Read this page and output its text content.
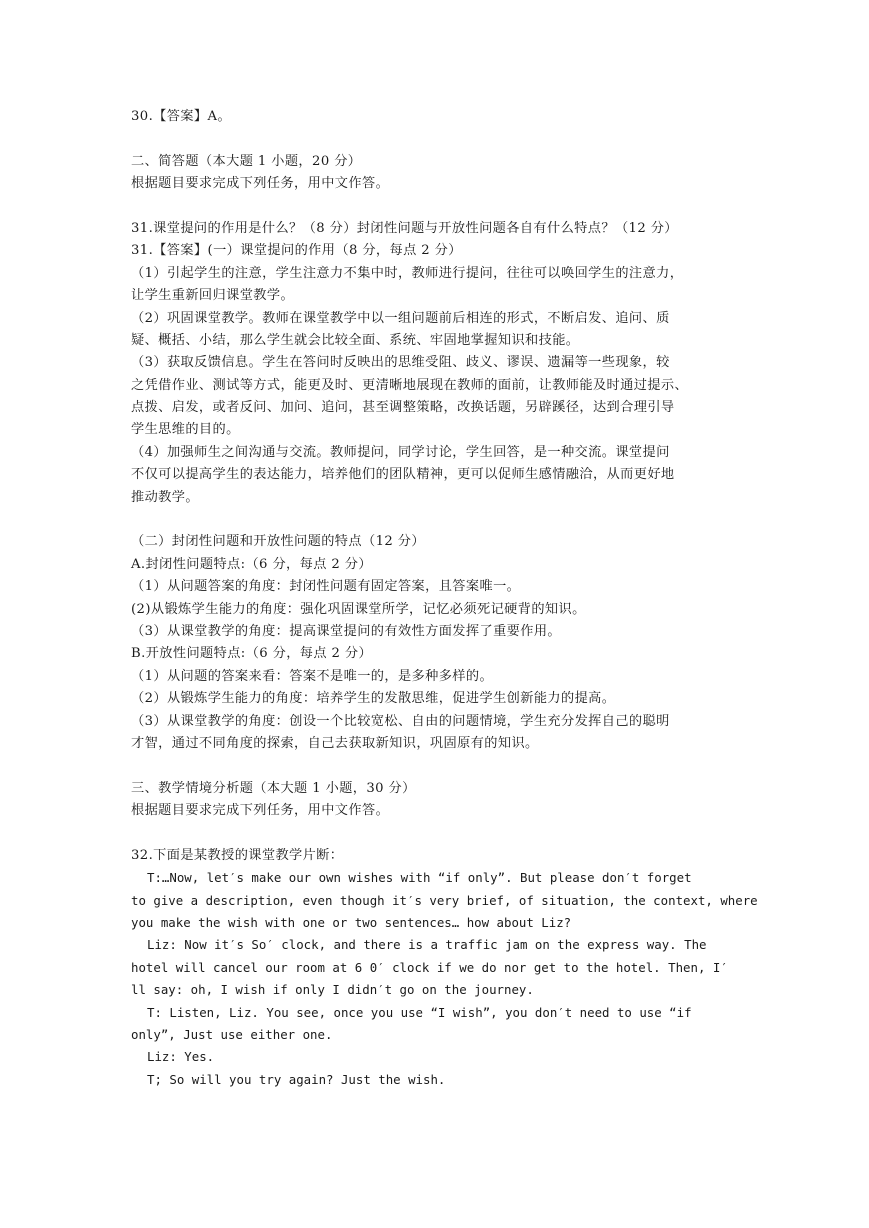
30.【答案】A。
二、简答题（本大题 1 小题，20 分）
根据题目要求完成下列任务，用中文作答。
31.课堂提问的作用是什么？（8 分）封闭性问题与开放性问题各自有什么特点？（12 分）
31.【答案】(一）课堂提问的作用（8 分，每点 2 分）
（1）引起学生的注意，学生注意力不集中时，教师进行提问，往往可以唤回学生的注意力，
让学生重新回归课堂教学。
（2）巩固课堂教学。教师在课堂教学中以一组问题前后相连的形式，不断启发、追问、质
疑、概括、小结，那么学生就会比较全面、系统、牢固地掌握知识和技能。
（3）获取反馈信息。学生在答问时反映出的思维受阻、歧义、谬误、遗漏等一些现象，较
之凭借作业、测试等方式，能更及时、更清晰地展现在教师的面前，让教师能及时通过提示、
点拨、启发，或者反问、加问、追问，甚至调整策略，改换话题，另辟蹊径，达到合理引导
学生思维的目的。
（4）加强师生之间沟通与交流。教师提问，同学讨论，学生回答，是一种交流。课堂提问
不仅可以提高学生的表达能力，培养他们的团队精神，更可以促师生感情融洽，从而更好地
推动教学。
（二）封闭性问题和开放性问题的特点（12 分）
A.封闭性问题特点:（6 分，每点 2 分）
（1）从问题答案的角度：封闭性问题有固定答案，且答案唯一。
(2)从锻炼学生能力的角度：强化巩固课堂所学，记忆必须死记硬背的知识。
（3）从课堂教学的角度：提高课堂提问的有效性方面发挥了重要作用。
B.开放性问题特点:（6 分，每点 2 分）
（1）从问题的答案来看：答案不是唯一的，是多种多样的。
（2）从锻炼学生能力的角度：培养学生的发散思维，促进学生创新能力的提高。
（3）从课堂教学的角度：创设一个比较宽松、自由的问题情境，学生充分发挥自己的聪明
才智，通过不同角度的探索，自己去获取新知识，巩固原有的知识。
三、教学情境分析题（本大题 1 小题，30 分）
根据题目要求完成下列任务，用中文作答。
32.下面是某教授的课堂教学片断：
T:…Now, let′s make our own wishes with “if only”. But please don′t forget
to give a description, even though it′s very brief, of situation, the context, where
you make the wish with one or two sentences… how about Liz?
Liz: Now it′s So′ clock, and there is a traffic jam on the express way. The
hotel will cancel our room at 6 0′ clock if we do nor get to the hotel. Then, I′
ll say: oh, I wish if only I didn′t go on the journey.
T: Listen, Liz. You see, once you use “I wish”, you don′t need to use “if
only”, Just use either one.
Liz: Yes.
T; So will you try again? Just the wish.
